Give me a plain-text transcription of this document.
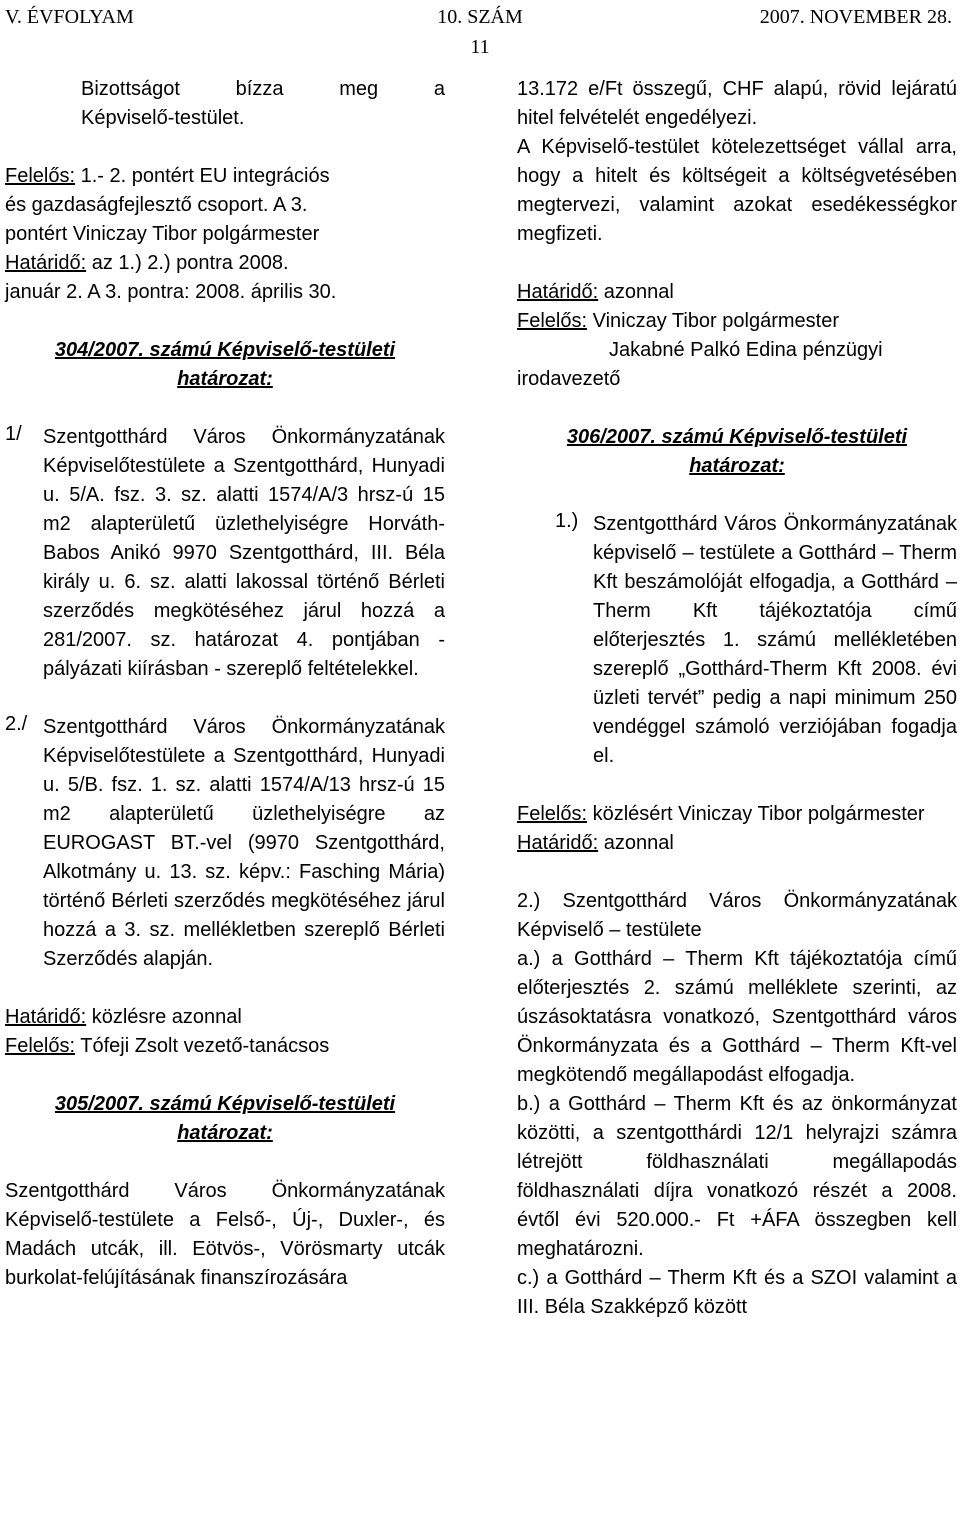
V. ÉVFOLYAM	10. SZÁM	2007. NOVEMBER 28.
11

Bizottságot bízza meg a

Képviselő-testület.

Felelős: 1.- 2. pontért EU integrációs

és gazdaságfejlesztő csoport. A 3.

pontért Viniczay Tibor polgármester

Határidő: az 1.) 2.) pontra 2008.

január 2. A 3. pontra: 2008. április 30.

304/2007. számú Képviselő-testületi határozat:

1/	Szentgotthárd Város Önkormányzatának Képviselőtestülete a Szentgotthárd, Hunyadi u. 5/A. fsz. 3. sz. alatti 1574/A/3 hrsz-ú 15 m2 alapterületű üzlethelyiségre Horváth-Babos Anikó 9970 Szentgotthárd, III. Béla király u. 6. sz. alatti lakossal történő Bérleti szerződés megkötéséhez járul hozzá a 281/2007. sz. határozat 4. pontjában - pályázati kiírásban - szereplő feltételekkel.

2./ Szentgotthárd Város Önkormányzatának Képviselőtestülete a Szentgotthárd, Hunyadi u. 5/B. fsz. 1. sz. alatti 1574/A/13 hrsz-ú 15 m2 alapterületű üzlethelyiségre az EUROGAST BT.-vel (9970 Szentgotthárd, Alkotmány u. 13. sz. képv.: Fasching Mária) történő Bérleti szerződés megkötéséhez járul hozzá a 3. sz. mellékletben szereplő Bérleti Szerződés alapján.

Határidő: közlésre azonnal

Felelős: Tófeji Zsolt vezető-tanácsos

305/2007. számú Képviselő-testületi határozat:

Szentgotthárd Város Önkormányzatának Képviselő-testülete a Felső-, Új-, Duxler-, és Madách utcák, ill. Eötvös-, Vörösmarty utcák burkolat-felújításának finanszírozására

13.172 e/Ft összegű, CHF alapú, rövid lejáratú hitel felvételét engedélyezi.

A Képviselő-testület kötelezettséget vállal arra, hogy a hitelt és költségeit a költségvetésében megtervezi, valamint azokat esedékességkor megfizeti.

Határidő: azonnal

Felelős: Viniczay Tibor polgármester

Jakabné Palkó Edina pénzügyi

irodavezető

306/2007. számú Képviselő-testületi határozat:

1.) Szentgotthárd Város Önkormányzatának képviselő – testülete a Gotthárd – Therm Kft beszámolóját elfogadja, a Gotthárd – Therm Kft tájékoztatója című előterjesztés 1. számú mellékletében szereplő „Gotthárd-Therm Kft 2008. évi üzleti tervét” pedig a napi minimum 250 vendéggel számoló verziójában fogadja el.

Felelős: közlésért Viniczay Tibor polgármester

Határidő: azonnal

2.) Szentgotthárd Város Önkormányzatának Képviselő – testülete

a.) a Gotthárd – Therm Kft tájékoztatója című előterjesztés 2. számú melléklete szerinti, az úszásoktatásra vonatkozó, Szentgotthárd város Önkormányzata és a Gotthárd – Therm Kft-vel megkötendő megállapodást elfogadja.

b.) a Gotthárd – Therm Kft és az önkormányzat közötti, a szentgotthárdi 12/1 helyrajzi számra létrejött földhasználati megállapodás földhasználati díjra vonatkozó részét a 2008. évtől évi 520.000.- Ft +ÁFA összegben kell meghatározni.

c.) a Gotthárd – Therm Kft és a SZOI valamint a III. Béla Szakképző között
